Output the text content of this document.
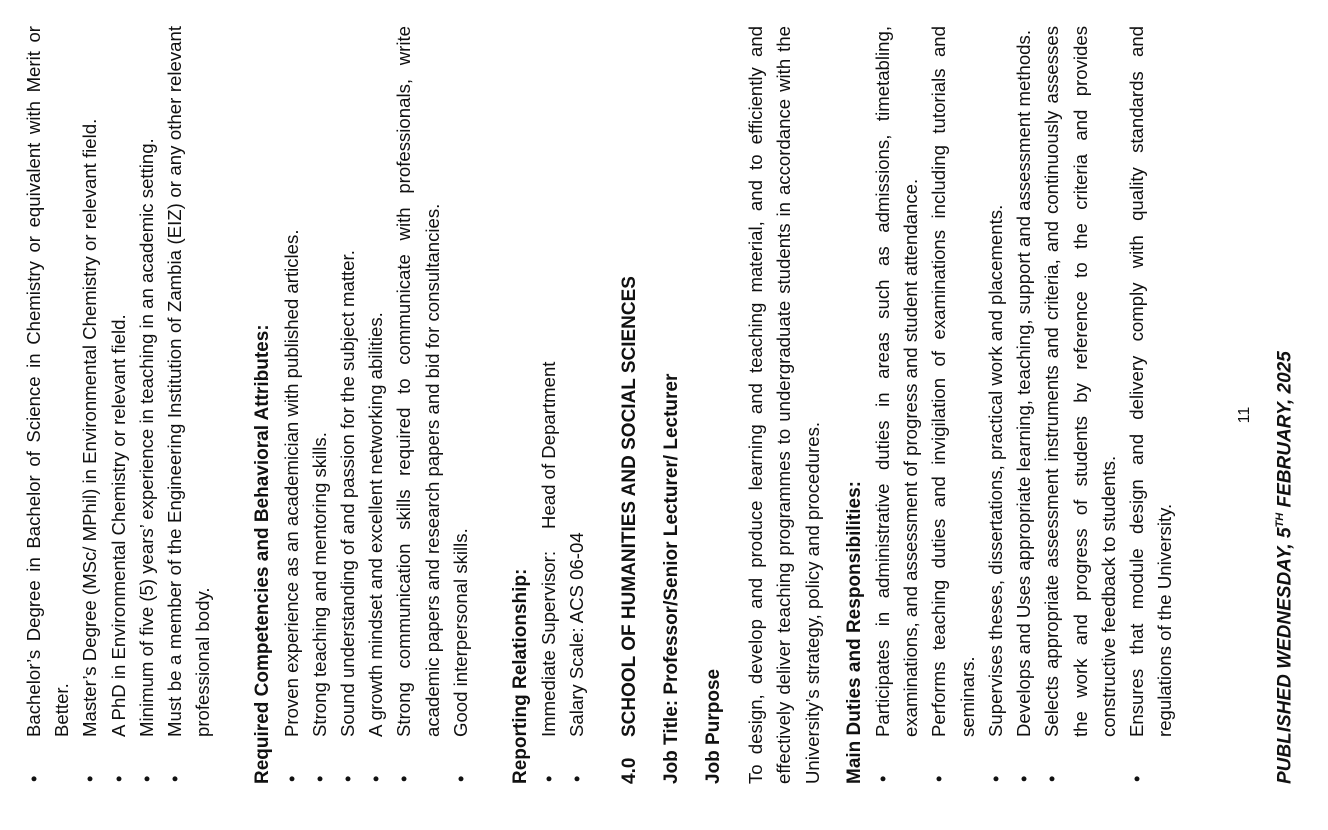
• Bachelor’s Degree in Bachelor of Science in Chemistry or equivalent with Merit or Better. • Master’s Degree (MSc/ MPhil) in Environmental Chemistry or relevant field. • A PhD in Environmental Chemistry or relevant field. • Minimum of five (5) years’ experience in teaching in an academic setting. • Must be a member of the Engineering Institution of Zambia (EIZ) or any other relevant professional body. Required Competencies and Behavioral Attributes: • Proven experience as an academician with published articles. • Strong teaching and mentoring skills. • Sound understanding of and passion for the subject matter. • A growth mindset and excellent networking abilities. • Strong communication skills required to communicate with professionals, write academic papers and research papers and bid for consultancies. • Good interpersonal skills. Reporting Relationship: • Immediate Supervisor:Head of Department
• Salary Scale: ACS 06-04
4.0SCHOOL OF HUMANITIES AND SOCIAL SCIENCES Job Title: Professor/Senior Lecturer/ Lecturer Job Purpose To design, develop and produce learning and teaching material, and to efficiently and effectively deliver teaching programmes to undergraduate students in accordance with the University’s strategy, policy and procedures. Main Duties and Responsibilities: • Participates in administrative duties in areas such as admissions, timetabling, examinations, and assessment of progress and student attendance. • Performs teaching duties and invigilation of examinations including tutorials and seminars. • Supervises theses, dissertations, practical work and placements. • Develops and Uses appropriate learning, teaching, support and assessment methods. • Selects appropriate assessment instruments and criteria, and continuously assesses the work and progress of students by reference to the criteria and provides constructive feedback to students. • Ensures that module design and delivery comply with quality standards and regulations of the University.
11
PUBLISHED WEDNESDAY, 5TH FEBRUARY, 2025
